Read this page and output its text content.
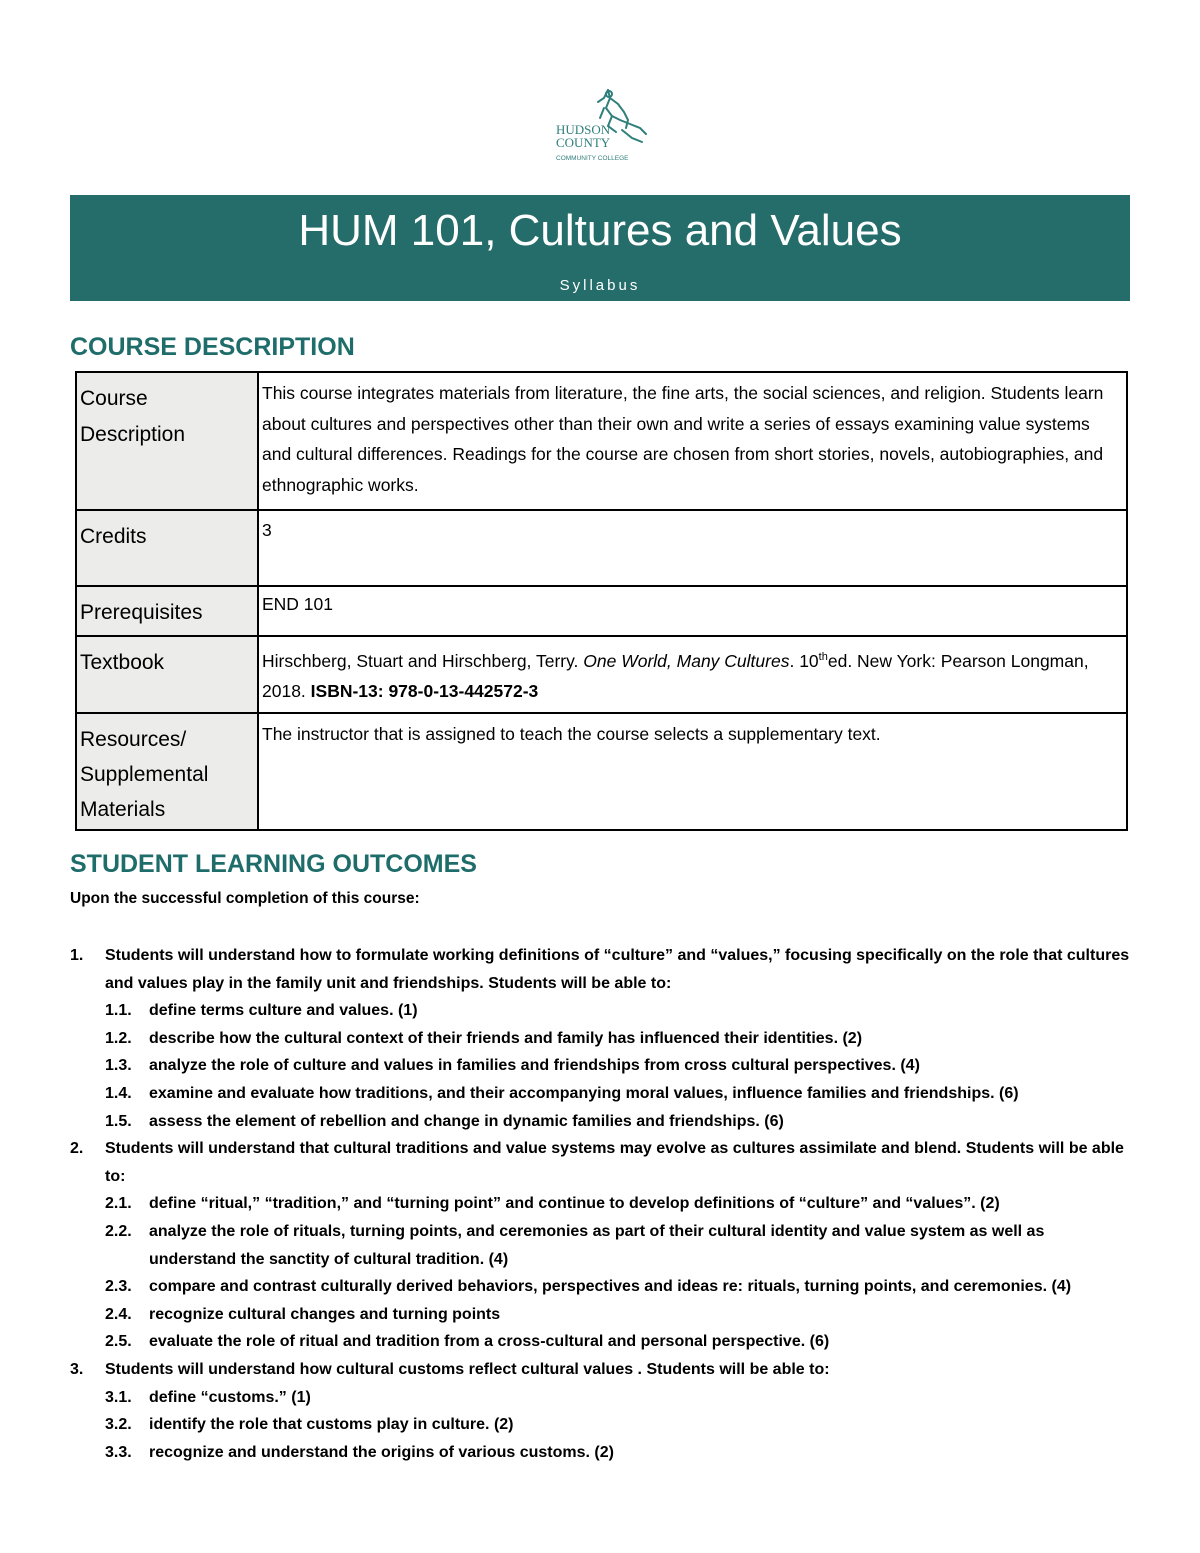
HUDSON
COUNTY
COMMUNITY COLLEGE
HUM 101, Cultures and Values
Syllabus
COURSE DESCRIPTION
Course Description	This course integrates materials from literature, the fine arts, the social sciences, and religion. Students learn about cultures and perspectives other than their own and write a series of essays examining value systems and cultural differences. Readings for the course are chosen from short stories, novels, autobiographies, and ethnographic works.
Credits	3
Prerequisites	END 101
Textbook	Hirschberg, Stuart and Hirschberg, Terry. One World, Many Cultures. 10thed. New York: Pearson Longman, 2018. ISBN-13: 978-0-13-442572-3
Resources/ Supplemental Materials	The instructor that is assigned to teach the course selects a supplementary text.
STUDENT LEARNING OUTCOMES
Upon the successful completion of this course:
1. Students will understand how to formulate working definitions of “culture” and “values,” focusing specifically on the role that cultures and values play in the family unit and friendships. Students will be able to:
1.1. define terms culture and values. (1)
1.2. describe how the cultural context of their friends and family has influenced their identities. (2)
1.3. analyze the role of culture and values in families and friendships from cross cultural perspectives. (4)
1.4. examine and evaluate how traditions, and their accompanying moral values, influence families and friendships. (6)
1.5. assess the element of rebellion and change in dynamic families and friendships. (6)
2. Students will understand that cultural traditions and value systems may evolve as cultures assimilate and blend. Students will be able to:
2.1. define “ritual,” “tradition,” and “turning point” and continue to develop definitions of “culture” and “values”. (2)
2.2. analyze the role of rituals, turning points, and ceremonies as part of their cultural identity and value system as well as understand the sanctity of cultural tradition. (4)
2.3. compare and contrast culturally derived behaviors, perspectives and ideas re: rituals, turning points, and ceremonies. (4)
2.4. recognize cultural changes and turning points
2.5. evaluate the role of ritual and tradition from a cross-cultural and personal perspective. (6)
3. Students will understand how cultural customs reflect cultural values . Students will be able to:
3.1. define “customs.” (1)
3.2. identify the role that customs play in culture. (2)
3.3. recognize and understand the origins of various customs. (2)
